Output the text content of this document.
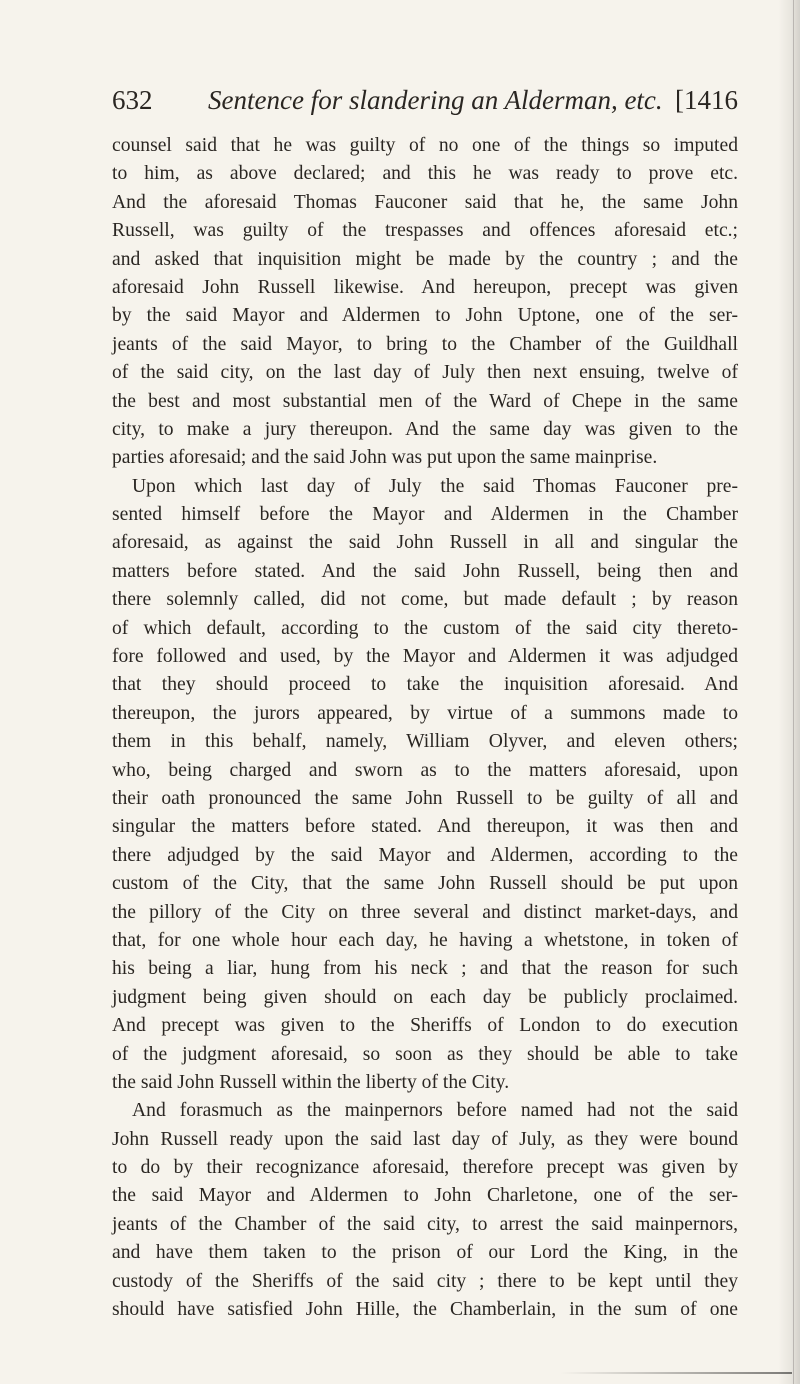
632 Sentence for slandering an Alderman, etc. [1416
counsel said that he was guilty of no one of the things so imputed
to him, as above declared; and this he was ready to prove etc.
And the aforesaid Thomas Fauconer said that he, the same John
Russell, was guilty of the trespasses and offences aforesaid etc.;
and asked that inquisition might be made by the country ; and the
aforesaid John Russell likewise. And hereupon, precept was given
by the said Mayor and Aldermen to John Uptone, one of the ser-
jeants of the said Mayor, to bring to the Chamber of the Guildhall
of the said city, on the last day of July then next ensuing, twelve of
the best and most substantial men of the Ward of Chepe in the same
city, to make a jury thereupon. And the same day was given to the
parties aforesaid; and the said John was put upon the same mainprise.
Upon which last day of July the said Thomas Fauconer pre-
sented himself before the Mayor and Aldermen in the Chamber
aforesaid, as against the said John Russell in all and singular the
matters before stated. And the said John Russell, being then and
there solemnly called, did not come, but made default ; by reason
of which default, according to the custom of the said city thereto-
fore followed and used, by the Mayor and Aldermen it was adjudged
that they should proceed to take the inquisition aforesaid. And
thereupon, the jurors appeared, by virtue of a summons made to
them in this behalf, namely, William Olyver, and eleven others;
who, being charged and sworn as to the matters aforesaid, upon
their oath pronounced the same John Russell to be guilty of all and
singular the matters before stated. And thereupon, it was then and
there adjudged by the said Mayor and Aldermen, according to the
custom of the City, that the same John Russell should be put upon
the pillory of the City on three several and distinct market-days, and
that, for one whole hour each day, he having a whetstone, in token of
his being a liar, hung from his neck ; and that the reason for such
judgment being given should on each day be publicly proclaimed.
And precept was given to the Sheriffs of London to do execution
of the judgment aforesaid, so soon as they should be able to take
the said John Russell within the liberty of the City.
And forasmuch as the mainpernors before named had not the said
John Russell ready upon the said last day of July, as they were bound
to do by their recognizance aforesaid, therefore precept was given by
the said Mayor and Aldermen to John Charletone, one of the ser-
jeants of the Chamber of the said city, to arrest the said mainpernors,
and have them taken to the prison of our Lord the King, in the
custody of the Sheriffs of the said city ; there to be kept until they
should have satisfied John Hille, the Chamberlain, in the sum of one
